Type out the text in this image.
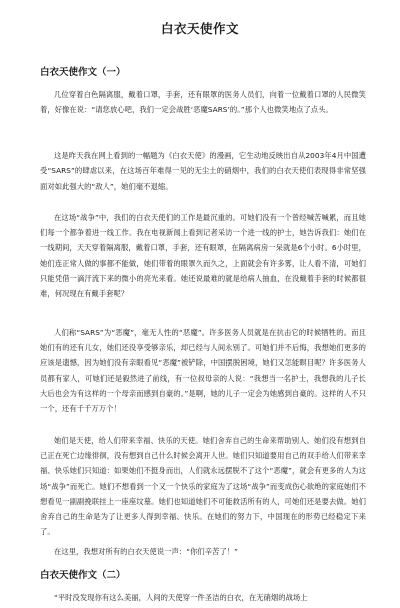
白衣天使作文
白衣天使作文（一）

几位穿着白色隔离服，戴着口罩，手套，还有眼罩的医务人员们，向着一位戴着口罩的人民微笑着，好像在说：“请您放心吧，我们一定会战胜‘恶魔SARS’的。”那个人也微笑地点了点头。

这是昨天我在网上看到的一幅题为《白衣天使》的漫画，它生动地反映出自从2003年4月中国遭受“SARS”的肆虐以来，在这场百年难得一见的无尘土的硝烟中，我们的白衣天使们表现得非常坚强面对如此强大的“敌人”，她们毫不退缩。

在这场“战争”中，我们的白衣天使们的工作是最沉重的。可她们没有一个曾经喊苦喊累，而且她们每一个都争着进一线工作。我在电视新闻上看到记者采访一个进一线的护士，她告诉我们：她们在一线期间，天天穿着隔离服，戴着口罩，手套，还有眼罩，在隔离病房一呆就是6个小时。6小时里，她们连正常人做的事都不能做，她们带着的眼罩久而久之，上面就会有许多雾，让人看不清，可她们只能凭借一滴汗流下来的微小的亮光来看。她还说最难的就是给病人抽血，在没戴着手套的时候都很难，何况现在有戴手套呢？

人们称“SARS”为“恶魔”，毫无人性的“恶魔”。许多医务人员就是在抗击它的时候牺牲的。而且她们有的还有儿女，她们还没享受够亲乐，却已经与人间永别了。可她们并不后悔，我想她们更多的应该是遗憾，因为她们没有亲眼看见“恶魔”被铲除，中国摆脱困境，她们又怎能瞑目呢？许多医务人员都有家人，可她们还是毅然进了前线，有一位叔母亲的人说：“我想当一名护士，我想我的儿子长大后也会为有这样的一个母亲而感到自豪的。”是啊，她的儿子一定会为她感到自豪的。这样的人不只一个，还有千千万万个！

她们是天使，给人们带来幸福、快乐的天使。她们舍弃自己的生命来帮助别人。她们没有想到自己正在死亡边缘徘徊，没有想到自己什么时候会离开人世。她们只知道要用自己的双手给人们带来幸福、快乐她们只知道：如果她们不挺身而出，人们就永远摆脱不了这个“恶魔”，就会有更多的人为这场“战争”而死亡。她们不想看到一个又一个快乐的家庭为了这场“战争”而变成伤心欲绝的家庭她们不想看见一副副挽联挂上一座座坟墓。她们也知道她们不可能救活所有的人，可她们还是要去做。她们舍弃自己的生命是为了让更多人得到幸福、快乐。在她们的努力下，中国现在的形势已经稳定下来了。

在这里，我想对所有的白衣天使说一声：“你们辛苦了！”

白衣天使作文（二）

“平时没发现你有这么美丽，人间的天使穿一件圣洁的白衣，在无硝烟的战场上
